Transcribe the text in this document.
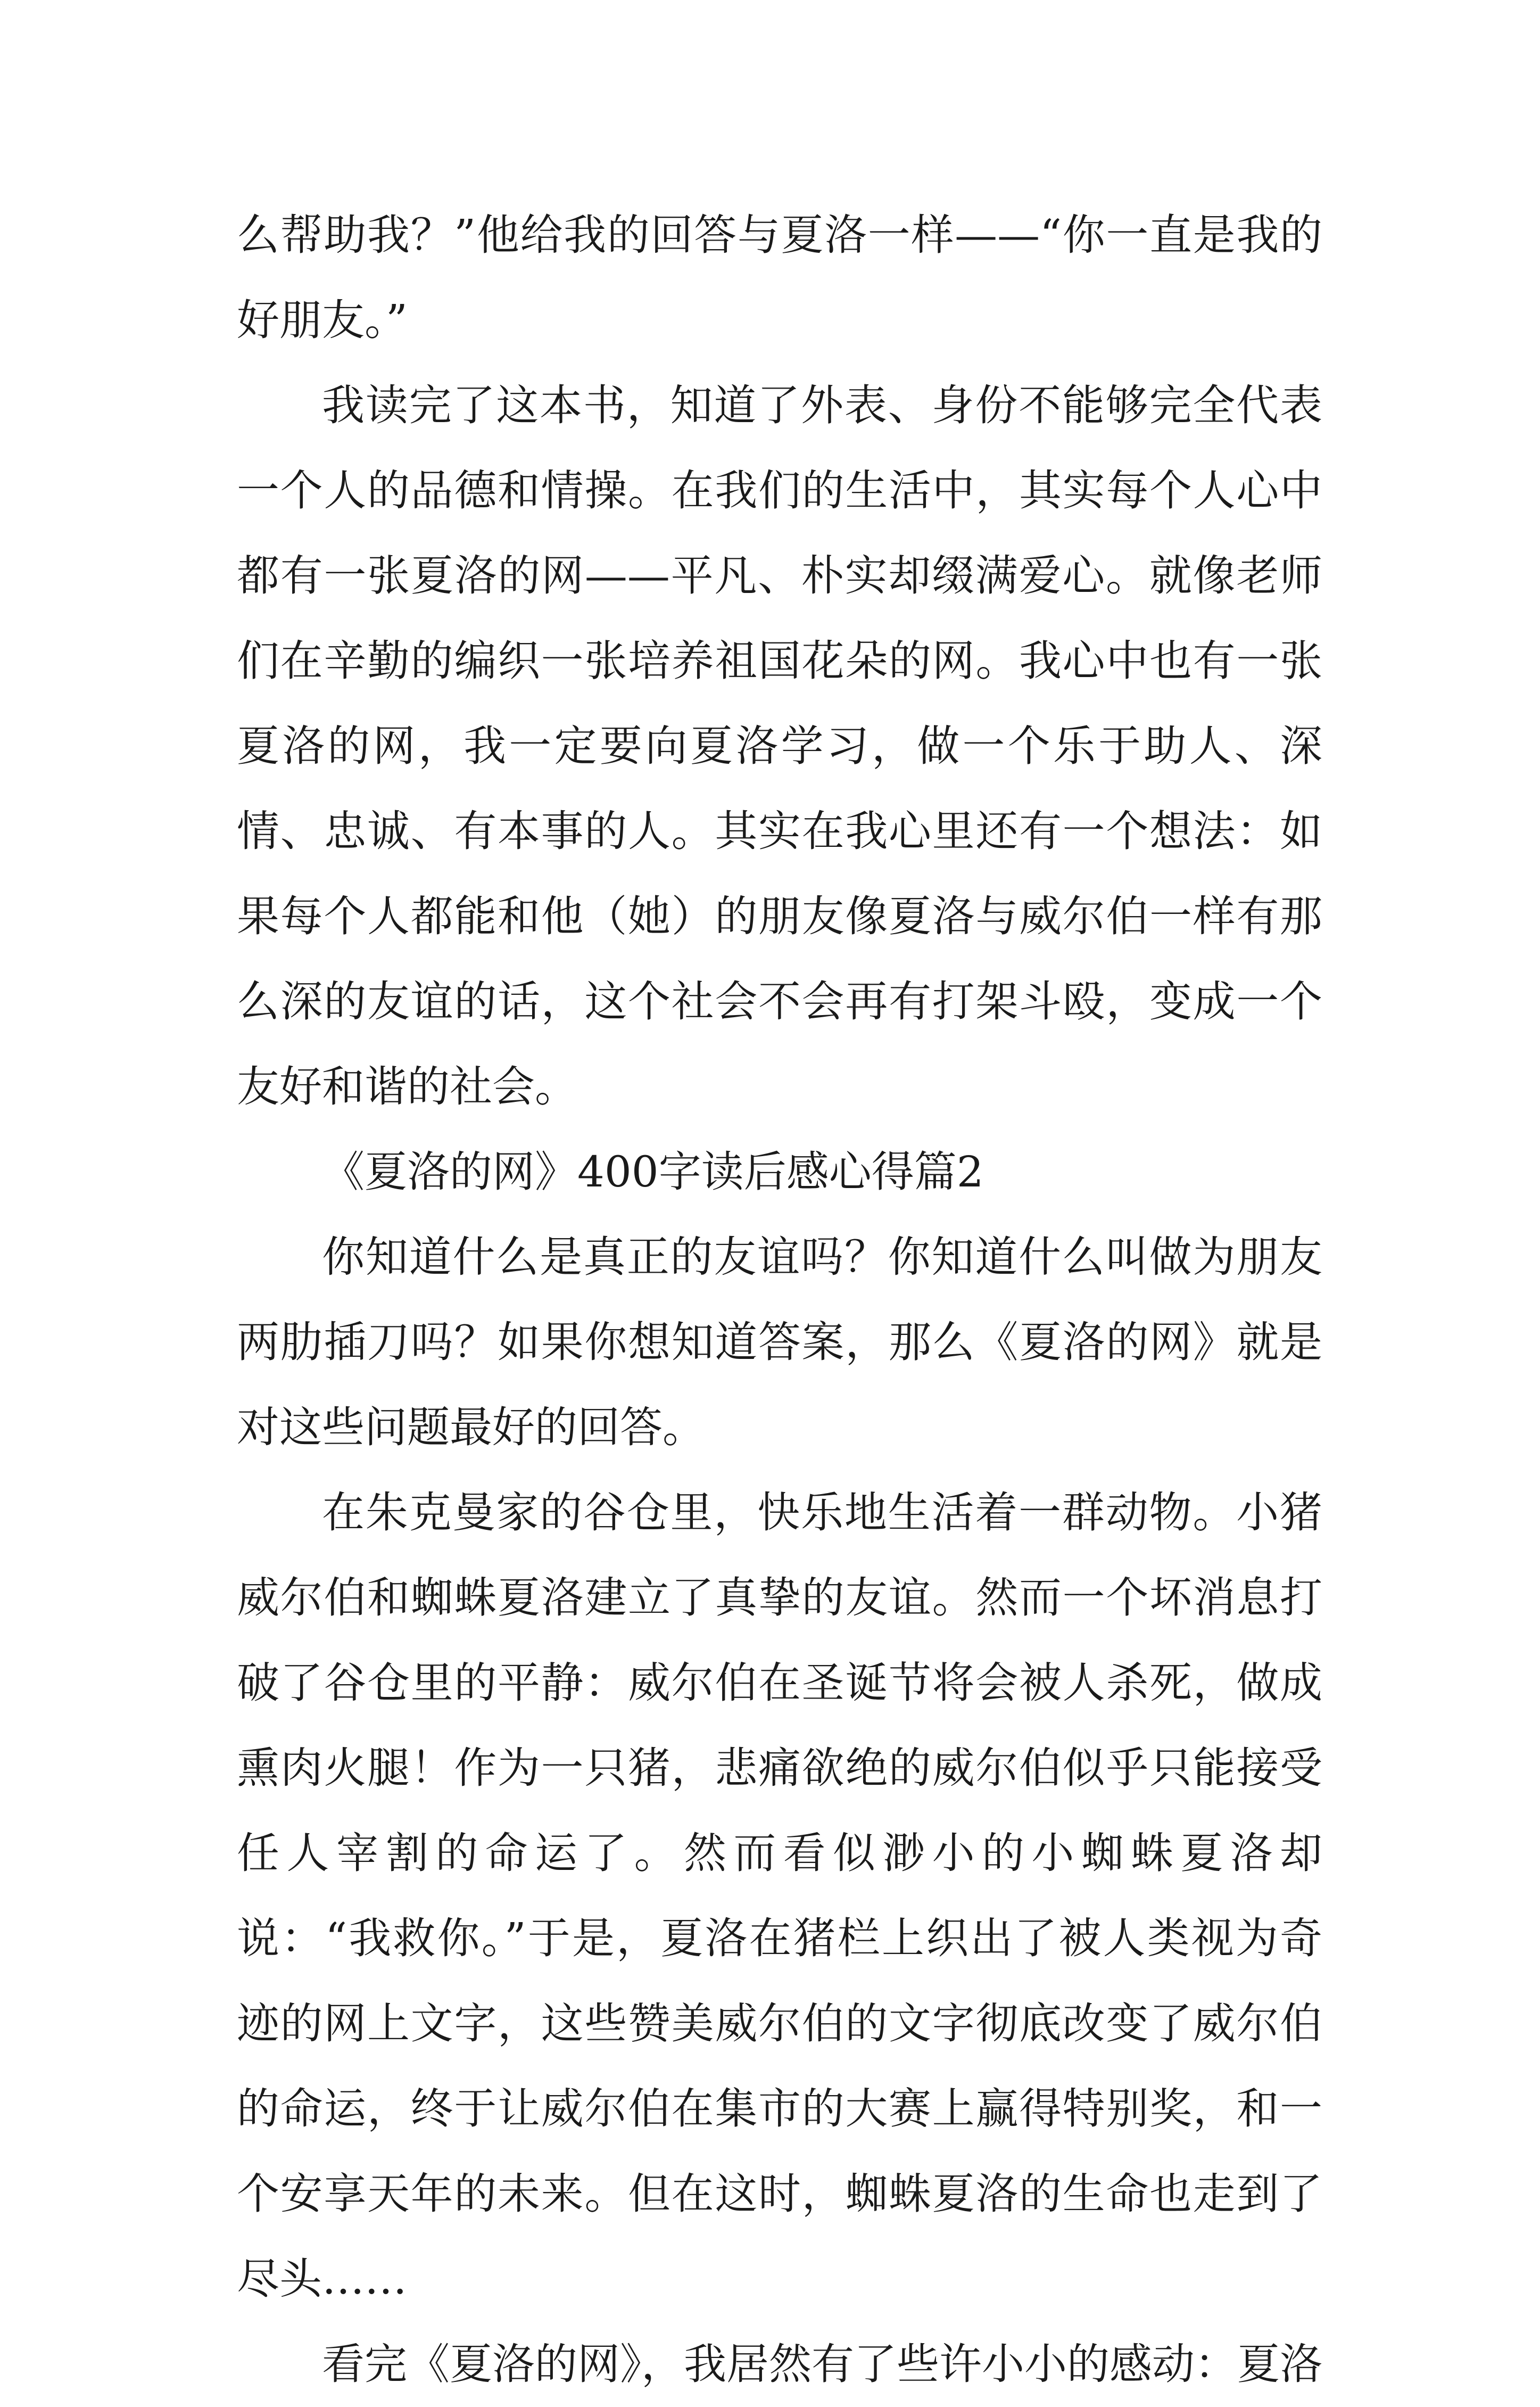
么帮助我？”他给我的回答与夏洛一样——“你一直是我的好朋友。”

我读完了这本书，知道了外表、身份不能够完全代表一个人的品德和情操。在我们的生活中，其实每个人心中都有一张夏洛的网——平凡、朴实却缀满爱心。就像老师们在辛勤的编织一张培养祖国花朵的网。我心中也有一张夏洛的网，我一定要向夏洛学习，做一个乐于助人、深情、忠诚、有本事的人。其实在我心里还有一个想法：如果每个人都能和他（她）的朋友像夏洛与威尔伯一样有那么深的友谊的话，这个社会不会再有打架斗殴，变成一个友好和谐的社会。

《夏洛的网》400字读后感心得篇2

你知道什么是真正的友谊吗？你知道什么叫做为朋友两肋插刀吗？如果你想知道答案，那么《夏洛的网》就是对这些问题最好的回答。

在朱克曼家的谷仓里，快乐地生活着一群动物。小猪威尔伯和蜘蛛夏洛建立了真挚的友谊。然而一个坏消息打破了谷仓里的平静：威尔伯在圣诞节将会被人杀死，做成熏肉火腿！作为一只猪，悲痛欲绝的威尔伯似乎只能接受任人宰割的命运了。然而看似渺小的小蜘蛛夏洛却说：“我救你。”于是，夏洛在猪栏上织出了被人类视为奇迹的网上文字，这些赞美威尔伯的文字彻底改变了威尔伯的命运，终于让威尔伯在集市的大赛上赢得特别奖，和一个安享天年的未来。但在这时，蜘蛛夏洛的生命也走到了尽头……

看完《夏洛的网》，我居然有了些许小小的感动：夏洛
